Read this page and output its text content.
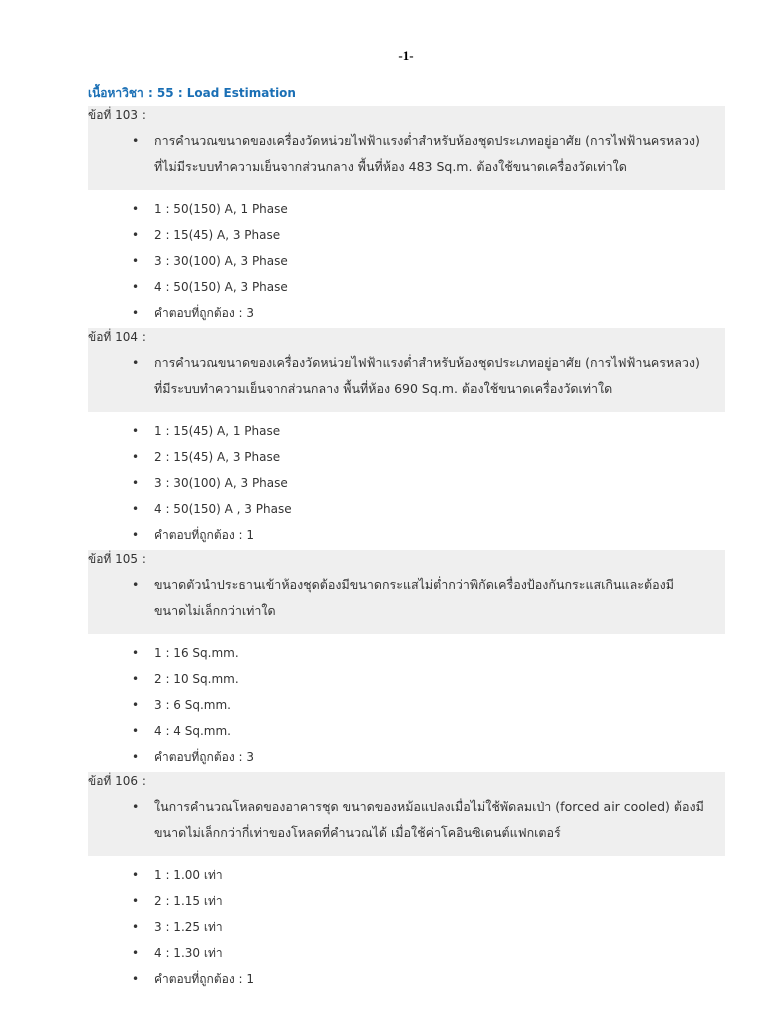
-1-
เนื้อหาวิชา : 55 : Load Estimation
ข้อที่ 103 :
• การคำนวณขนาดของเครื่องวัดหน่วยไฟฟ้าแรงต่ำสำหรับห้องชุดประเภทอยู่อาศัย (การไฟฟ้านครหลวง)
ที่ไม่มีระบบทำความเย็นจากส่วนกลาง พื้นที่ห้อง 483 Sq.m. ต้องใช้ขนาดเครื่องวัดเท่าใด
• 1 : 50(150) A, 1 Phase
• 2 : 15(45) A, 3 Phase
• 3 : 30(100) A, 3 Phase
• 4 : 50(150) A, 3 Phase
• คำตอบที่ถูกต้อง : 3
ข้อที่ 104 :
• การคำนวณขนาดของเครื่องวัดหน่วยไฟฟ้าแรงต่ำสำหรับห้องชุดประเภทอยู่อาศัย (การไฟฟ้านครหลวง)
ที่มีระบบทำความเย็นจากส่วนกลาง พื้นที่ห้อง 690 Sq.m. ต้องใช้ขนาดเครื่องวัดเท่าใด
• 1 : 15(45) A, 1 Phase
• 2 : 15(45) A, 3 Phase
• 3 : 30(100) A, 3 Phase
• 4 : 50(150) A , 3 Phase
• คำตอบที่ถูกต้อง : 1
ข้อที่ 105 :
• ขนาดตัวนำประธานเข้าห้องชุดต้องมีขนาดกระแสไม่ต่ำกว่าพิกัดเครื่องป้องกันกระแสเกินและต้องมี
ขนาดไม่เล็กกว่าเท่าใด
• 1 : 16 Sq.mm.
• 2 : 10 Sq.mm.
• 3 : 6 Sq.mm.
• 4 : 4 Sq.mm.
• คำตอบที่ถูกต้อง : 3
ข้อที่ 106 :
• ในการคำนวณโหลดของอาคารชุด ขนาดของหม้อแปลงเมื่อไม่ใช้พัดลมเป่า (forced air cooled) ต้องมี
ขนาดไม่เล็กกว่ากี่เท่าของโหลดที่คำนวณได้ เมื่อใช้ค่าโคอินซิเดนต์แฟกเตอร์
• 1 : 1.00 เท่า
• 2 : 1.15 เท่า
• 3 : 1.25 เท่า
• 4 : 1.30 เท่า
• คำตอบที่ถูกต้อง : 1
